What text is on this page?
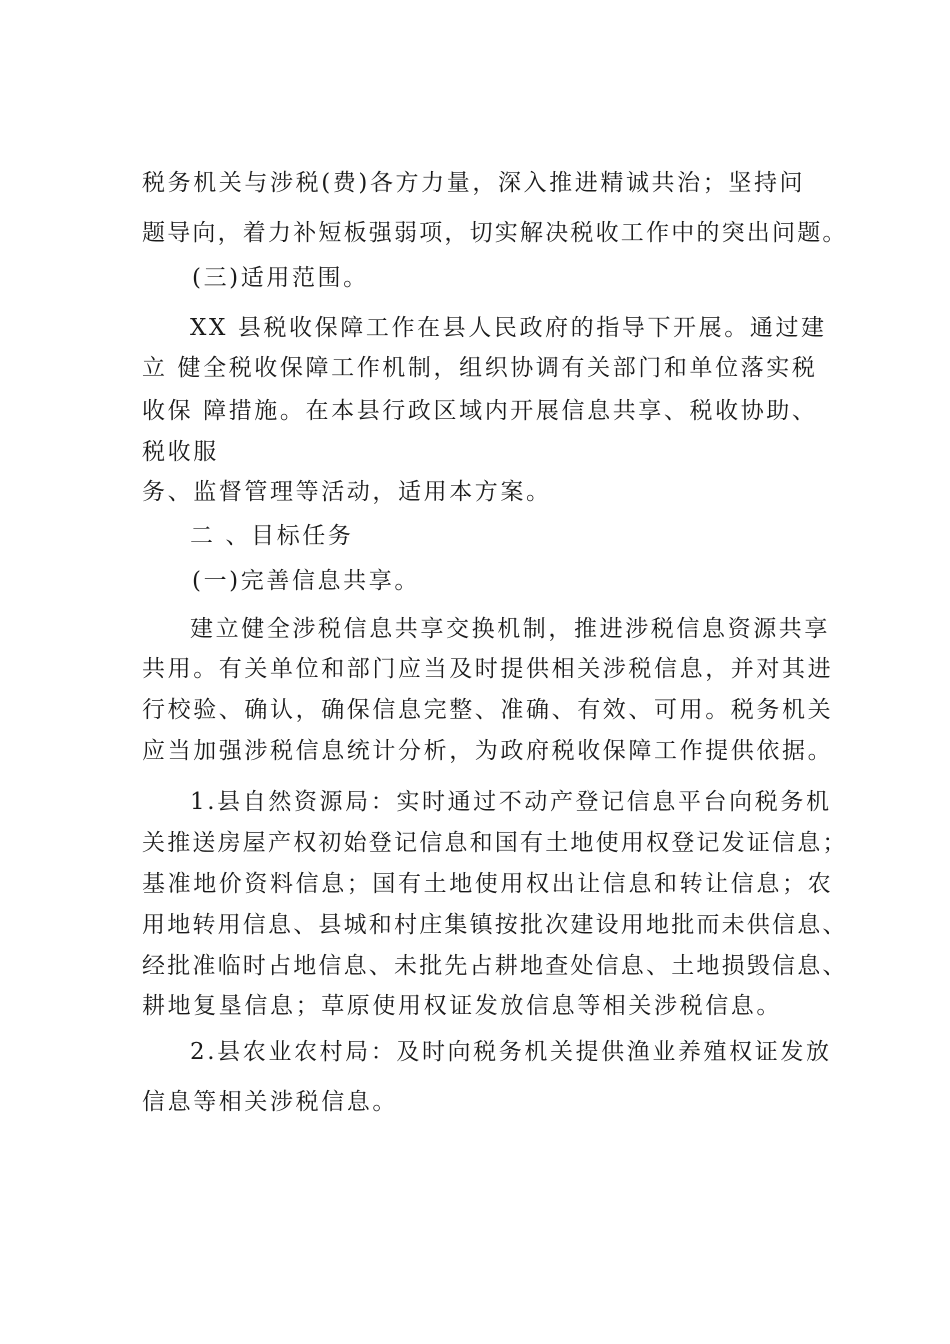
税务机关与涉税(费)各方力量，深入推进精诚共治；坚持问
题导向，着力补短板强弱项，切实解决税收工作中的突出问题。
(三)适用范围。
XX 县税收保障工作在县人民政府的指导下开展。通过建
立 健全税收保障工作机制，组织协调有关部门和单位落实税
收保 障措施。在本县行政区域内开展信息共享、税收协助、
税收服
务、监督管理等活动，适用本方案。
二 、目标任务
(一)完善信息共享。
建立健全涉税信息共享交换机制，推进涉税信息资源共享
共用。有关单位和部门应当及时提供相关涉税信息，并对其进
行校验、确认，确保信息完整、准确、有效、可用。税务机关
应当加强涉税信息统计分析，为政府税收保障工作提供依据。
1.县自然资源局：实时通过不动产登记信息平台向税务机
关推送房屋产权初始登记信息和国有土地使用权登记发证信息；
基准地价资料信息；国有土地使用权出让信息和转让信息；农
用地转用信息、县城和村庄集镇按批次建设用地批而未供信息、
经批准临时占地信息、未批先占耕地查处信息、土地损毁信息、
耕地复垦信息；草原使用权证发放信息等相关涉税信息。
2.县农业农村局：及时向税务机关提供渔业养殖权证发放
信息等相关涉税信息。
